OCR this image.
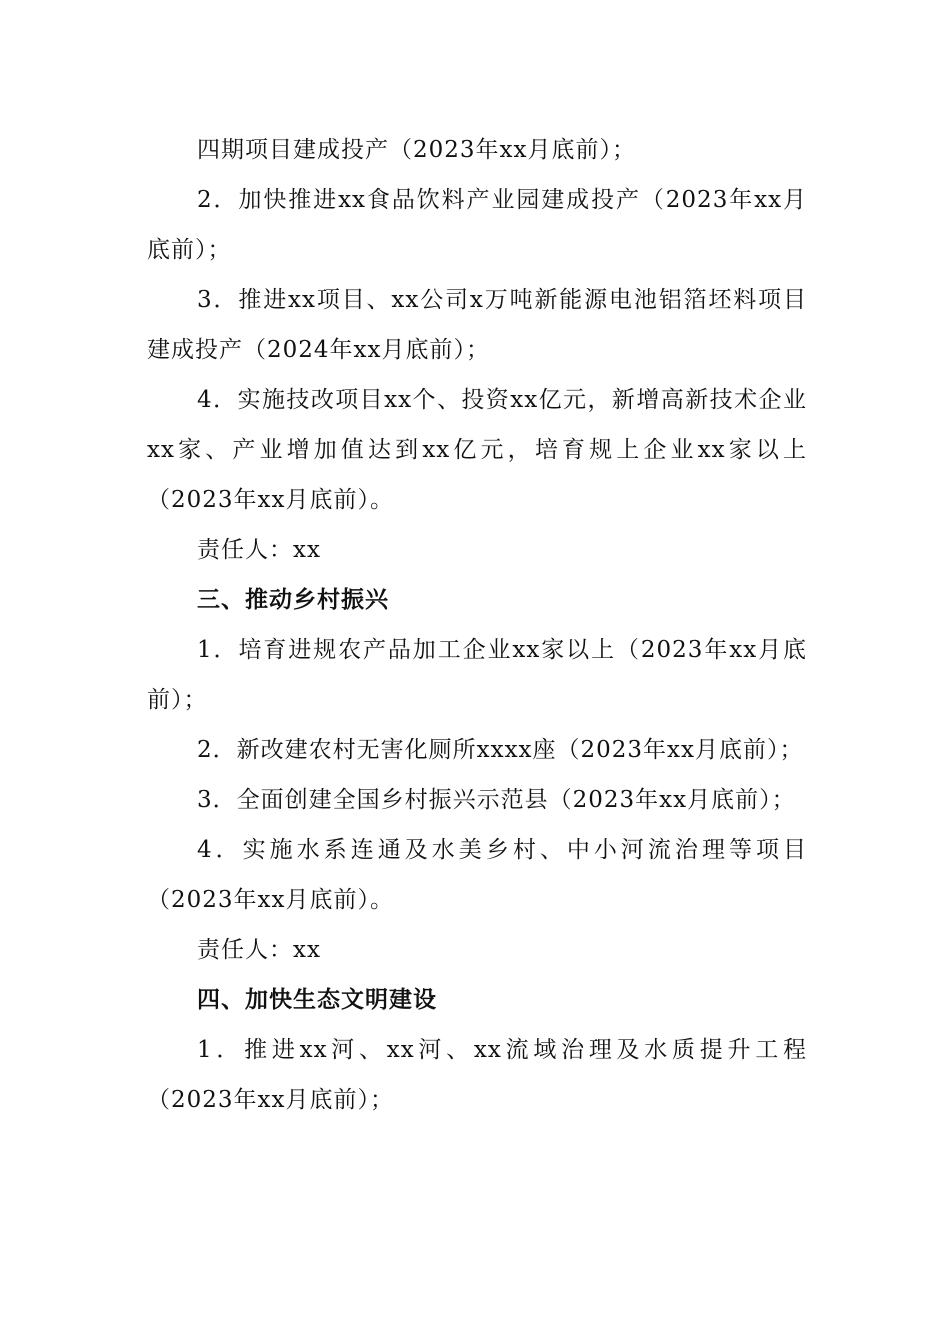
四期项目建成投产（2023年xx月底前）；

2．加快推进xx食品饮料产业园建成投产（2023年xx月底前）；

3．推进xx项目、xx公司x万吨新能源电池铝箔坯料项目建成投产（2024年xx月底前）；

4．实施技改项目xx个、投资xx亿元，新增高新技术企业xx家、产业增加值达到xx亿元，培育规上企业xx家以上（2023年xx月底前）。

责任人：xx

三、推动乡村振兴

1．培育进规农产品加工企业xx家以上（2023年xx月底前）；

2．新改建农村无害化厕所xxxx座（2023年xx月底前）；

3．全面创建全国乡村振兴示范县（2023年xx月底前）；

4．实施水系连通及水美乡村、中小河流治理等项目（2023年xx月底前）。

责任人：xx

四、加快生态文明建设

1．推进xx河、xx河、xx流域治理及水质提升工程（2023年xx月底前）；
